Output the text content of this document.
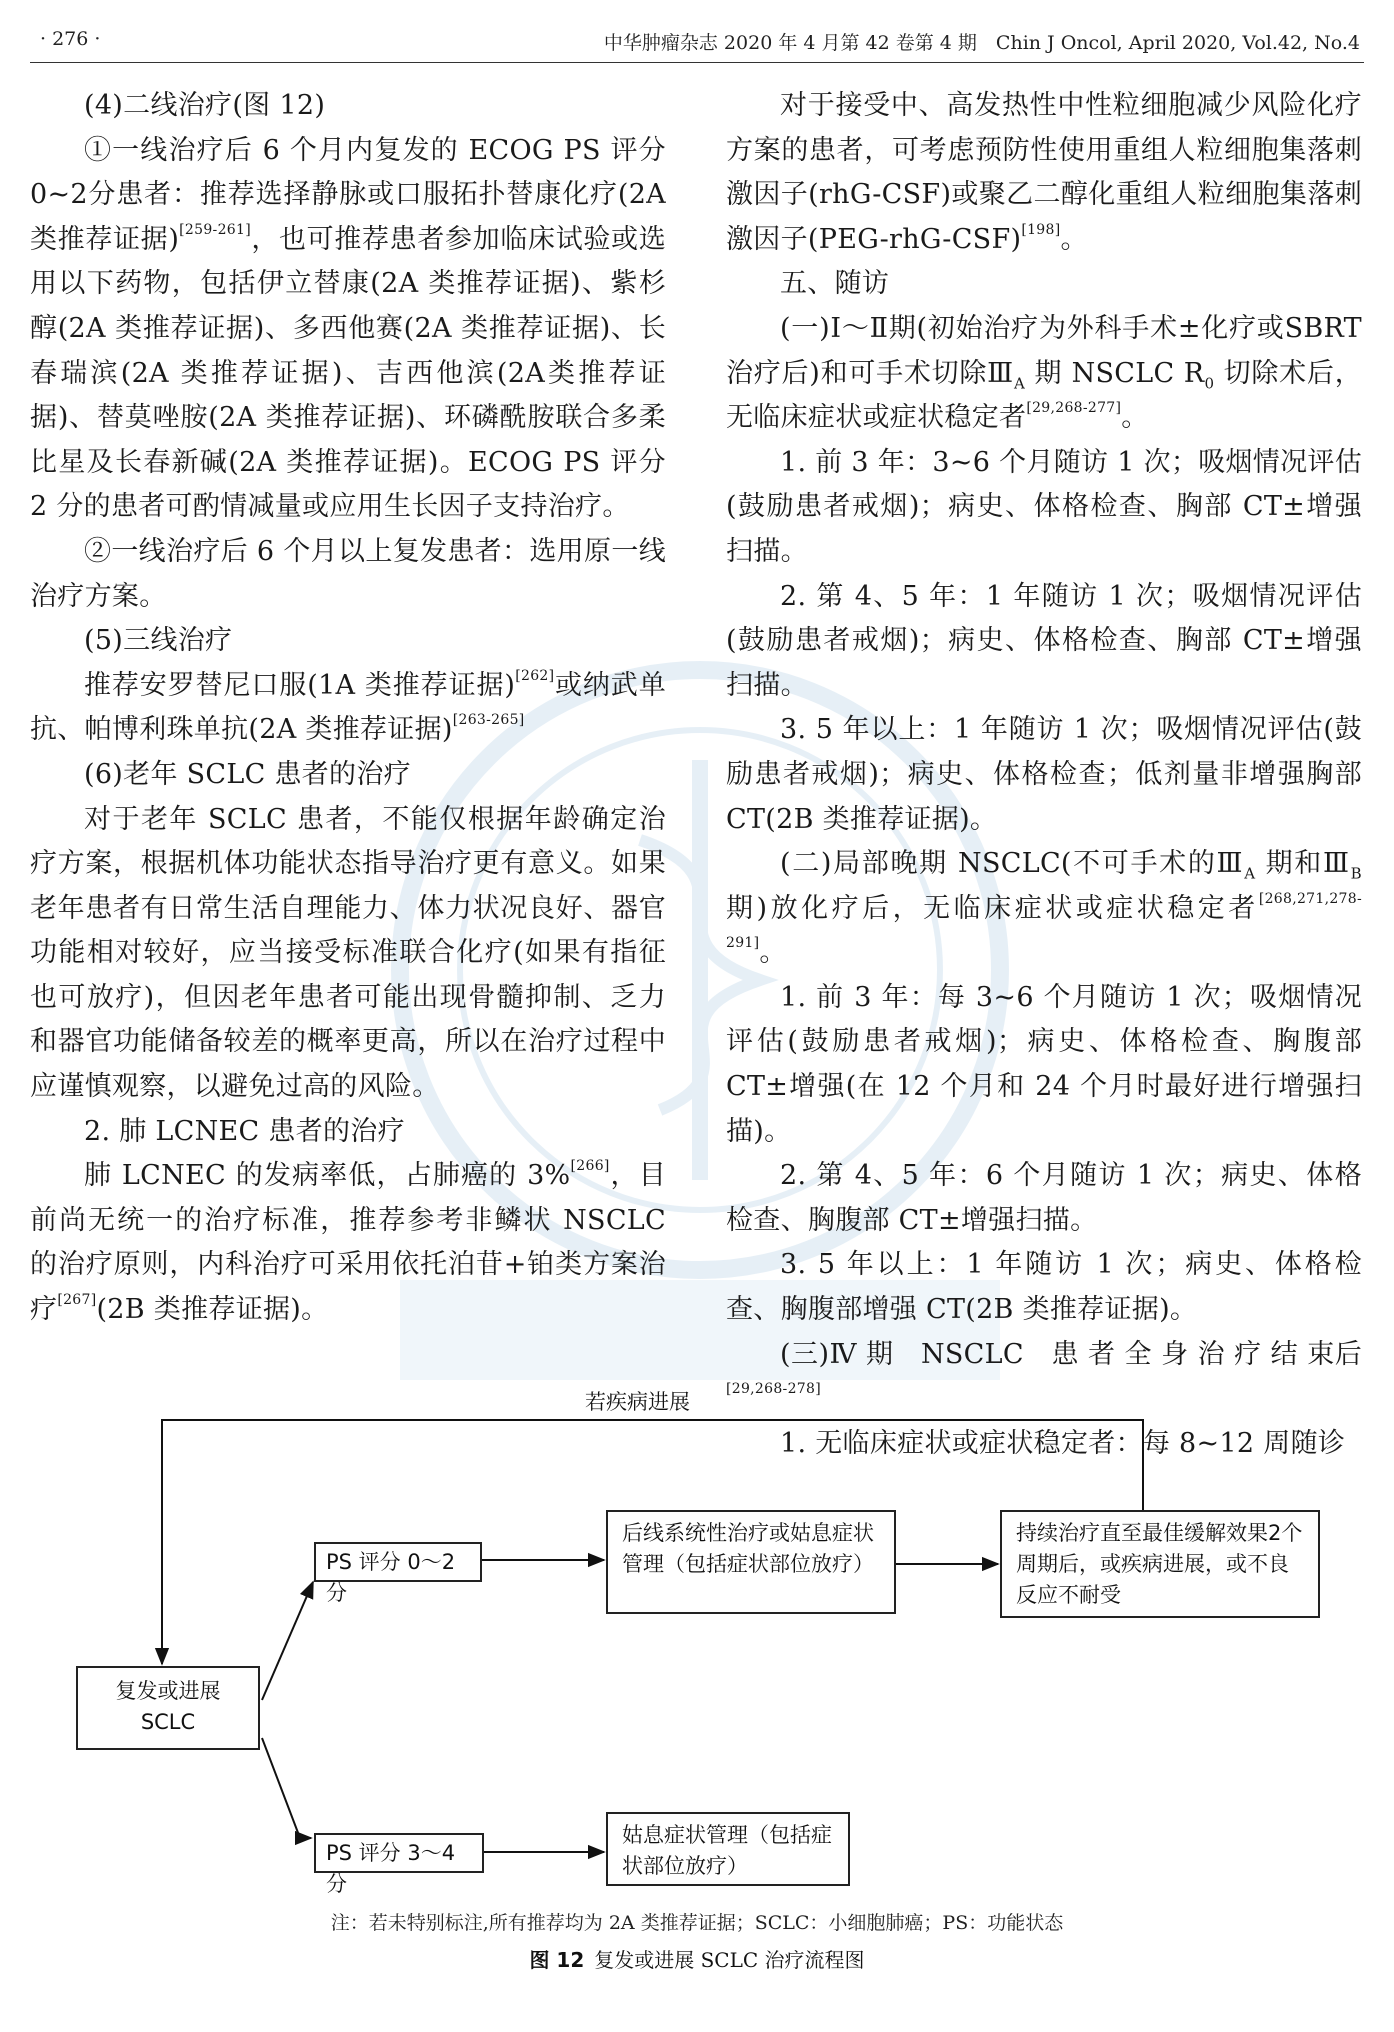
· 276 ·	中华肿瘤杂志 2020 年 4 月第 42 卷第 4 期　Chin J Oncol, April 2020, Vol.42, No.4

(4)二线治疗(图 12)

①一线治疗后 6 个月内复发的 ECOG PS 评分 0~2分患者：推荐选择静脉或口服拓扑替康化疗(2A 类推荐证据)[259-261]，也可推荐患者参加临床试验或选用以下药物，包括伊立替康(2A 类推荐证据)、紫杉醇(2A 类推荐证据)、多西他赛(2A 类推荐证据)、长春瑞滨(2A 类推荐证据)、吉西他滨(2A类推荐证据)、替莫唑胺(2A 类推荐证据)、环磷酰胺联合多柔比星及长春新碱(2A 类推荐证据)。ECOG PS 评分 2 分的患者可酌情减量或应用生长因子支持治疗。

②一线治疗后 6 个月以上复发患者：选用原一线治疗方案。

(5)三线治疗

推荐安罗替尼口服(1A 类推荐证据)[262]或纳武单抗、帕博利珠单抗(2A 类推荐证据)[263-265]

(6)老年 SCLC 患者的治疗

对于老年 SCLC 患者，不能仅根据年龄确定治疗方案，根据机体功能状态指导治疗更有意义。如果老年患者有日常生活自理能力、体力状况良好、器官功能相对较好，应当接受标准联合化疗(如果有指征也可放疗)，但因老年患者可能出现骨髓抑制、乏力和器官功能储备较差的概率更高，所以在治疗过程中应谨慎观察，以避免过高的风险。

2. 肺 LCNEC 患者的治疗

肺 LCNEC 的发病率低，占肺癌的 3%[266]，目前尚无统一的治疗标准，推荐参考非鳞状 NSCLC 的治疗原则，内科治疗可采用依托泊苷+铂类方案治疗[267](2B 类推荐证据)。

对于接受中、高发热性中性粒细胞减少风险化疗方案的患者，可考虑预防性使用重组人粒细胞集落刺激因子(rhG-CSF)或聚乙二醇化重组人粒细胞集落刺激因子(PEG-rhG-CSF)[198]。

五、随访

(一)Ⅰ～Ⅱ期(初始治疗为外科手术±化疗或SBRT 治疗后)和可手术切除$Ⅲ_A$ 期 NSCLC $R_0$ 切除术后，无临床症状或症状稳定者[29,268-277]。

1. 前 3 年：3~6 个月随访 1 次；吸烟情况评估(鼓励患者戒烟)；病史、体格检查、胸部 CT±增强扫描。

2. 第 4、5 年：1 年随访 1 次；吸烟情况评估(鼓励患者戒烟)；病史、体格检查、胸部 CT±增强扫描。

3. 5 年以上：1 年随访 1 次；吸烟情况评估(鼓励患者戒烟)；病史、体格检查；低剂量非增强胸部CT(2B 类推荐证据)。

(二)局部晚期 NSCLC(不可手术的$Ⅲ_A$ 期和$Ⅲ_B$ 期)放化疗后，无临床症状或症状稳定者[268,271,278-291]。

1. 前 3 年：每 3~6 个月随访 1 次；吸烟情况评估(鼓励患者戒烟)；病史、体格检查、胸腹部 CT±增强(在 12 个月和 24 个月时最好进行增强扫描)。

2. 第 4、5 年：6 个月随访 1 次；病史、体格检查、胸腹部 CT±增强扫描。

3. 5 年以上：1 年随访 1 次；病史、体格检查、胸腹部增强 CT(2B 类推荐证据)。

(三)Ⅳ 期　NSCLC　患 者 全 身 治 疗 结 束后[29,268-278]

1. 无临床症状或症状稳定者：每 8~12 周随诊

若疾病进展
复发或进展
SCLC
PS 评分 0～2分
PS 评分 3～4分
后线系统性治疗或姑息症状管理（包括症状部位放疗）
持续治疗直至最佳缓解效果2个周期后，或疾病进展，或不良反应不耐受
姑息症状管理（包括症状部位放疗）
注：若未特别标注,所有推荐均为 2A 类推荐证据；SCLC：小细胞肺癌；PS：功能状态
图 12 复发或进展 SCLC 治疗流程图
